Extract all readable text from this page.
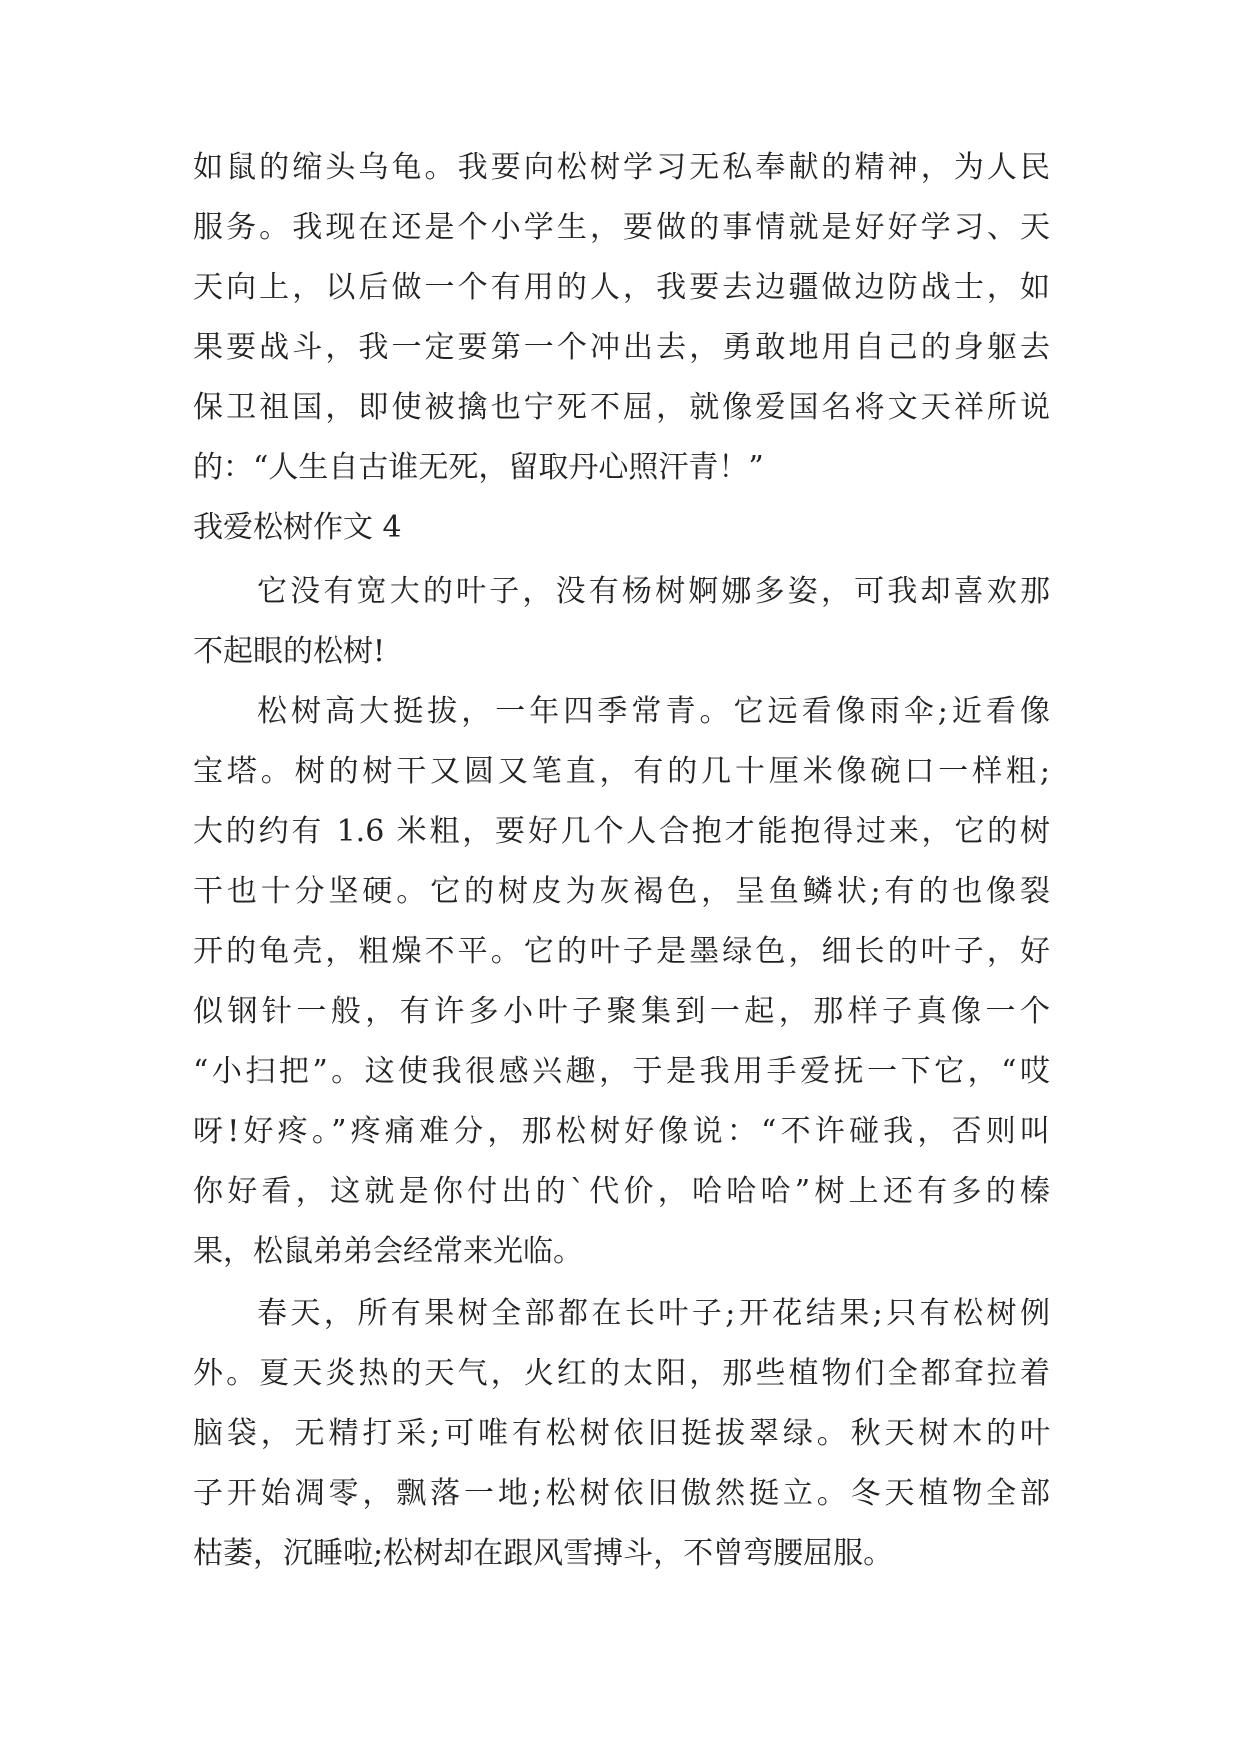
如鼠的缩头乌龟。我要向松树学习无私奉献的精神，为人民
服务。我现在还是个小学生，要做的事情就是好好学习、天
天向上，以后做一个有用的人，我要去边疆做边防战士，如
果要战斗，我一定要第一个冲出去，勇敢地用自己的身躯去
保卫祖国，即使被擒也宁死不屈，就像爱国名将文天祥所说
的：“人生自古谁无死，留取丹心照汗青！”
我爱松树作文 4
它没有宽大的叶子，没有杨树婀娜多姿，可我却喜欢那
不起眼的松树!
松树高大挺拔，一年四季常青。它远看像雨伞;近看像
宝塔。树的树干又圆又笔直，有的几十厘米像碗口一样粗;
大的约有 1.6 米粗，要好几个人合抱才能抱得过来，它的树
干也十分坚硬。它的树皮为灰褐色，呈鱼鳞状;有的也像裂
开的龟壳，粗燥不平。它的叶子是墨绿色，细长的叶子，好
似钢针一般，有许多小叶子聚集到一起，那样子真像一个
“小扫把”。这使我很感兴趣，于是我用手爱抚一下它，“哎
呀!好疼。”疼痛难分，那松树好像说：“不许碰我，否则叫
你好看，这就是你付出的`代价，哈哈哈”树上还有多的榛
果，松鼠弟弟会经常来光临。
春天，所有果树全部都在长叶子;开花结果;只有松树例
外。夏天炎热的天气，火红的太阳，那些植物们全都耷拉着
脑袋，无精打采;可唯有松树依旧挺拔翠绿。秋天树木的叶
子开始凋零，飘落一地;松树依旧傲然挺立。冬天植物全部
枯萎，沉睡啦;松树却在跟风雪搏斗，不曾弯腰屈服。
